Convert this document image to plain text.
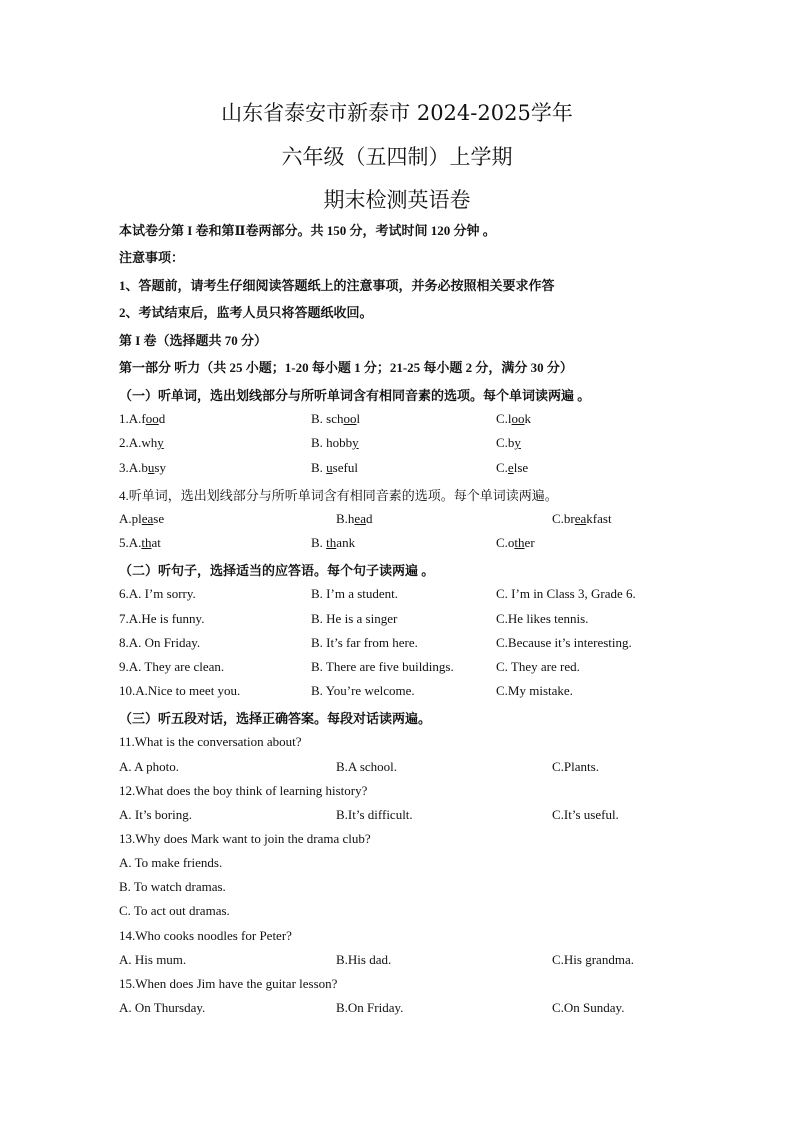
山东省泰安市新泰市 2024-2025学年
六年级（五四制）上学期
期末检测英语卷
本试卷分第 I 卷和第Ⅱ卷两部分。共 150 分，考试时间 120 分钟 。
注意事项：
1、答题前，请考生仔细阅读答题纸上的注意事项，并务必按照相关要求作答
2、考试结束后，监考人员只将答题纸收回。
第 I 卷（选择题共 70 分）
第一部分 听力（共 25 小题；1-20 每小题 1 分；21-25 每小题 2 分，满分 30 分）
（一）听单词，选出划线部分与所听单词含有相同音素的选项。每个单词读两遍 。
1.A.food	B. school	C.look
2.A.why	B. hobby	C.by
3.A.busy	B. useful	C.else
4.听单词，选出划线部分与所听单词含有相同音素的选项。每个单词读两遍。
A.please	B.head	C.breakfast
5.A.that	B. thank	C.other
（二）听句子，选择适当的应答语。每个句子读两遍 。
6.A. I’m sorry.	B. I’m a student.	C. I’m in Class 3, Grade 6.
7.A.He is funny.	B. He is a singer	C.He likes tennis.
8.A. On Friday.	B. It’s far from here.	C.Because it’s interesting.
9.A. They are clean.	B. There are five buildings.	C. They are red.
10.A.Nice to meet you.	B. You’re welcome.	C.My mistake.
（三）听五段对话，选择正确答案。每段对话读两遍。
11.What is the conversation about?
A. A photo.	B.A school.	C.Plants.
12.What does the boy think of learning history?
A. It’s boring.	B.It’s difficult.	C.It’s useful.
13.Why does Mark want to join the drama club?
A. To make friends.
B. To watch dramas.
C. To act out dramas.
14.Who cooks noodles for Peter?
A. His mum.	B.His dad.	C.His grandma.
15.When does Jim have the guitar lesson?
A. On Thursday.	B.On Friday.	C.On Sunday.
